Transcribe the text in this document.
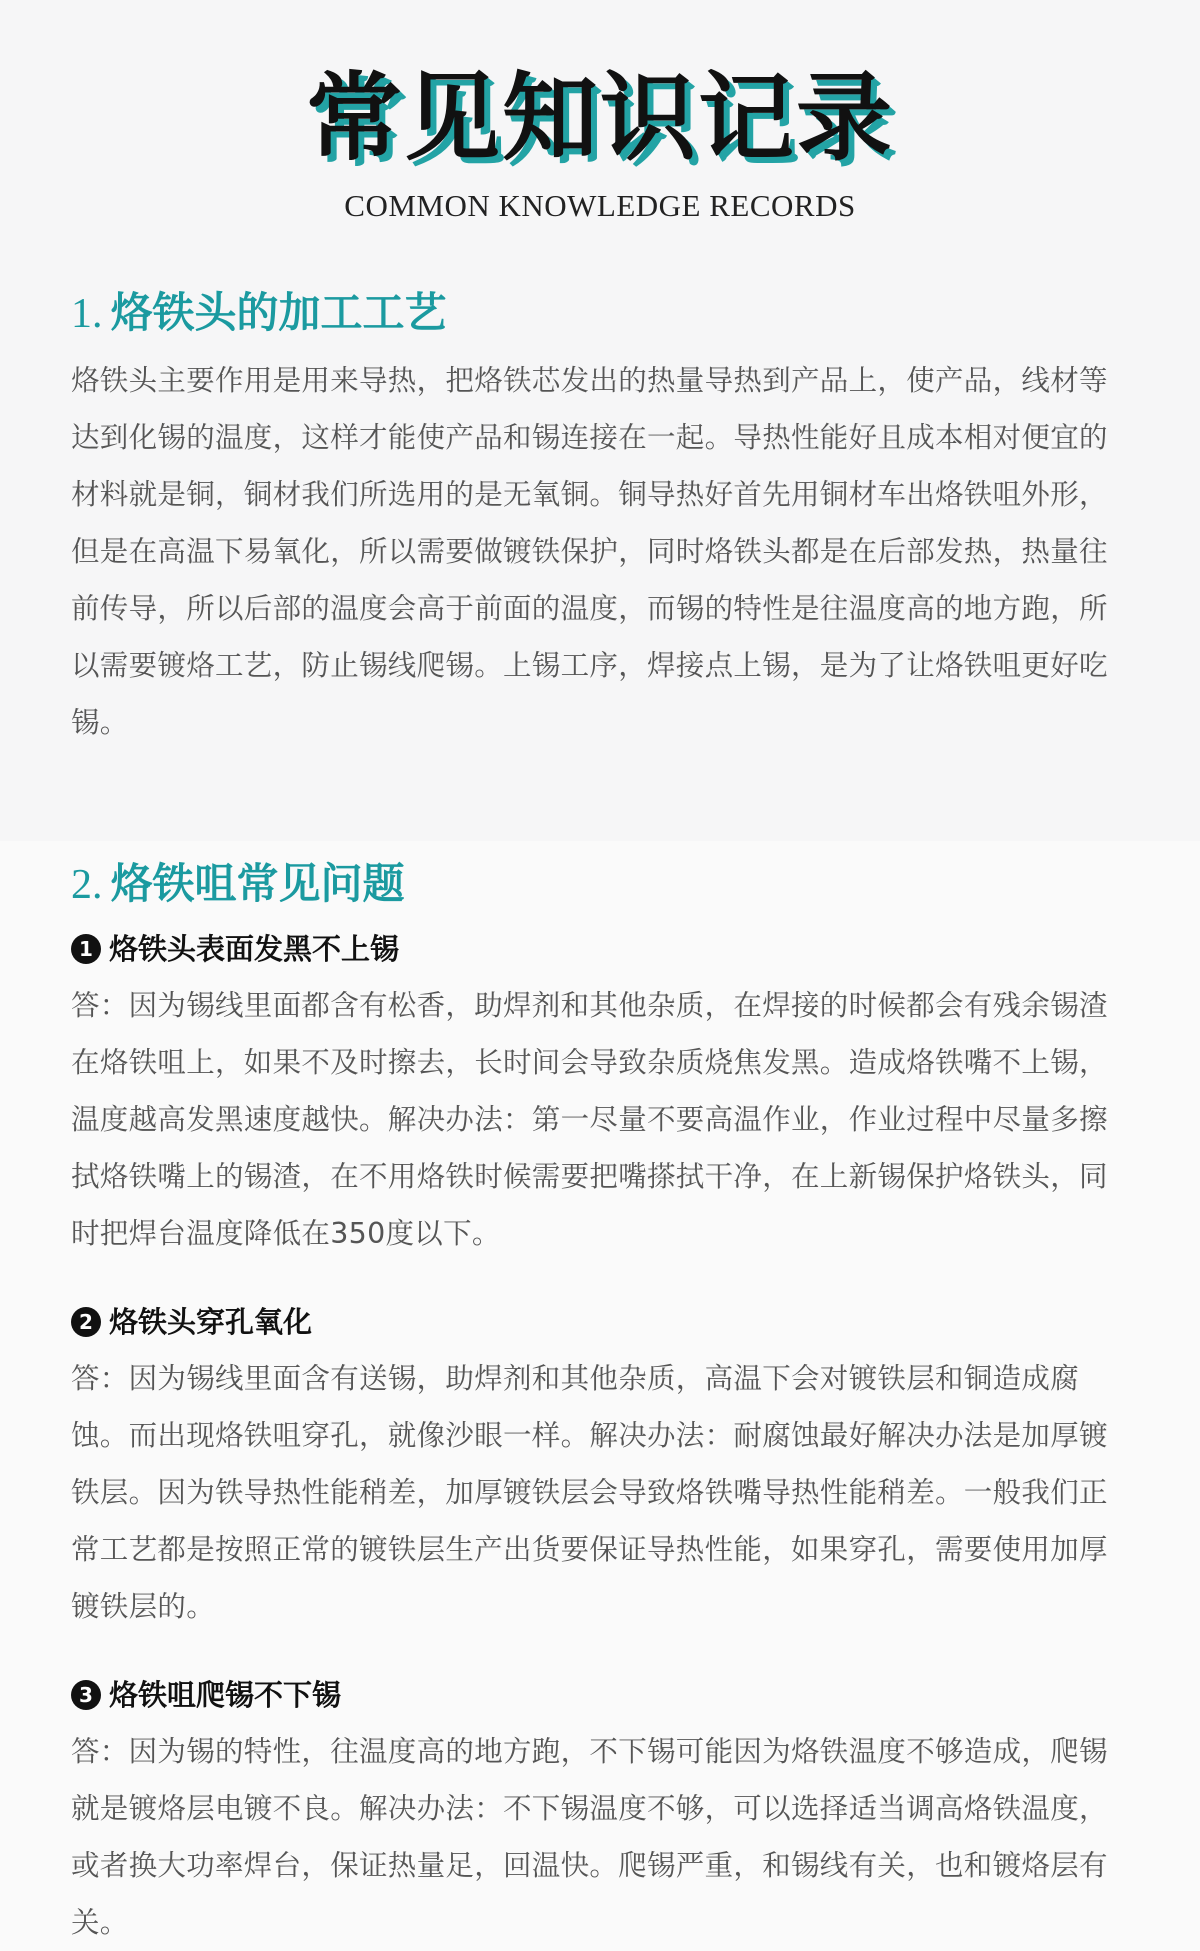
常见知识记录
COMMON KNOWLEDGE RECORDS
1. 烙铁头的加工工艺

烙铁头主要作用是用来导热，把烙铁芯发出的热量导热到产品上，使产品，线材等达到化锡的温度，这样才能使产品和锡连接在一起。导热性能好且成本相对便宜的材料就是铜，铜材我们所选用的是无氧铜。铜导热好首先用铜材车出烙铁咀外形，但是在高温下易氧化，所以需要做镀铁保护，同时烙铁头都是在后部发热，热量往前传导，所以后部的温度会高于前面的温度，而锡的特性是往温度高的地方跑，所以需要镀烙工艺，防止锡线爬锡。上锡工序，焊接点上锡，是为了让烙铁咀更好吃锡。

2. 烙铁咀常见问题
1 烙铁头表面发黑不上锡

答：因为锡线里面都含有松香，助焊剂和其他杂质，在焊接的时候都会有残余锡渣在烙铁咀上，如果不及时擦去，长时间会导致杂质烧焦发黑。造成烙铁嘴不上锡，温度越高发黑速度越快。解决办法：第一尽量不要高温作业，作业过程中尽量多擦拭烙铁嘴上的锡渣，在不用烙铁时候需要把嘴搽拭干净，在上新锡保护烙铁头，同时把焊台温度降低在350度以下。

2 烙铁头穿孔氧化

答：因为锡线里面含有送锡，助焊剂和其他杂质，高温下会对镀铁层和铜造成腐蚀。而出现烙铁咀穿孔，就像沙眼一样。解决办法：耐腐蚀最好解决办法是加厚镀铁层。因为铁导热性能稍差，加厚镀铁层会导致烙铁嘴导热性能稍差。一般我们正常工艺都是按照正常的镀铁层生产出货要保证导热性能，如果穿孔，需要使用加厚镀铁层的。

3 烙铁咀爬锡不下锡

答：因为锡的特性，往温度高的地方跑，不下锡可能因为烙铁温度不够造成，爬锡就是镀烙层电镀不良。解决办法：不下锡温度不够，可以选择适当调高烙铁温度，或者换大功率焊台，保证热量足，回温快。爬锡严重，和锡线有关，也和镀烙层有关。
